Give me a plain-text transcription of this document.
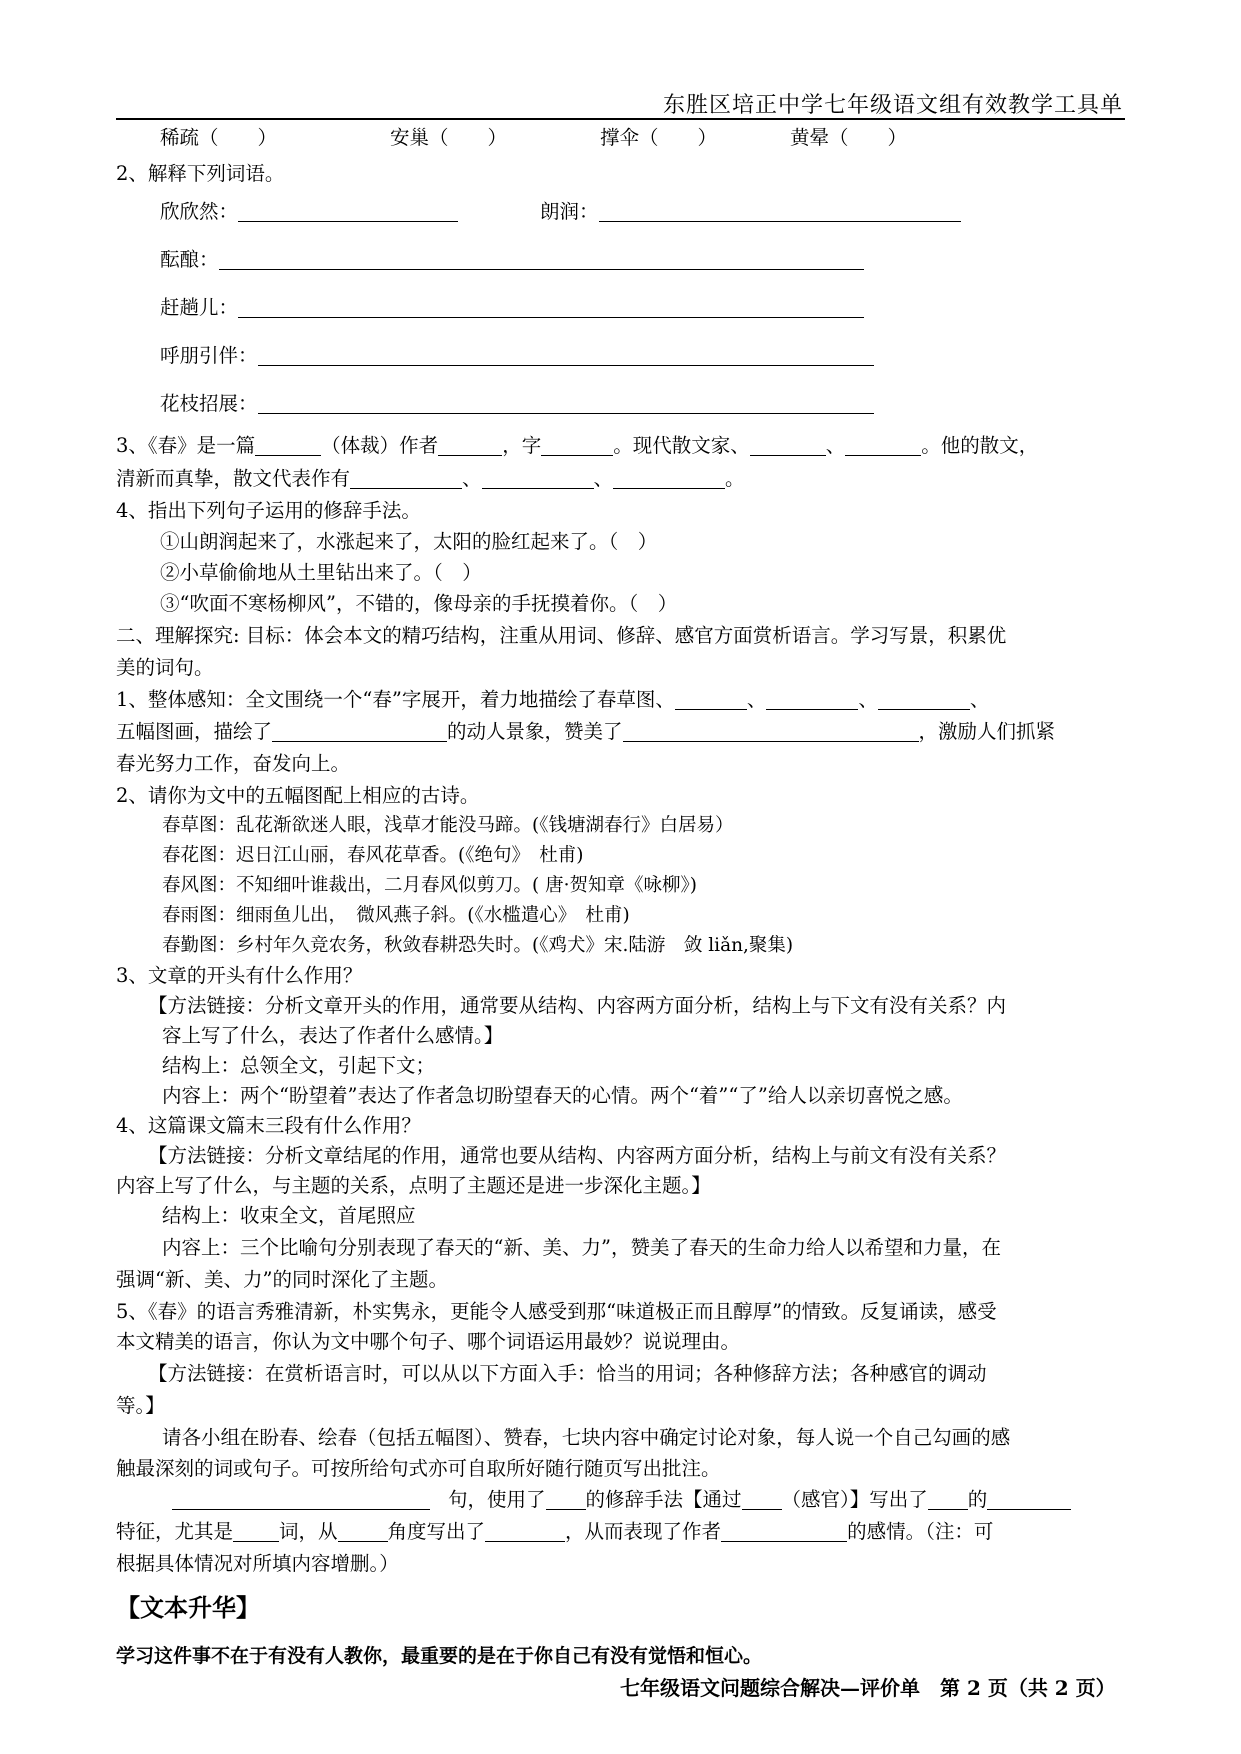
东胜区培正中学七年级语文组有效教学工具单
稀疏（　　）	安巢（　　）	撑伞（　　）	黄晕（　　）
2、解释下列词语。
欣欣然：	朗润：
酝酿：
赶趟儿：
呼朋引伴：
花枝招展：
3、《春》是一篇	（体裁）作者	，字	。现代散文家、	、	。他的散文，
清新而真挚，散文代表作有	、	、	。
4、指出下列句子运用的修辞手法。
①山朗润起来了，水涨起来了，太阳的脸红起来了。（　）
②小草偷偷地从土里钻出来了。（　）
③“吹面不寒杨柳风”，不错的，像母亲的手抚摸着你。（　）
二、理解探究: 目标：体会本文的精巧结构，注重从用词、修辞、感官方面赏析语言。学习写景，积累优
美的词句。
1、整体感知：全文围绕一个“春”字展开，着力地描绘了春草图、	、	、	、
五幅图画，描绘了	的动人景象，赞美了	，激励人们抓紧
春光努力工作，奋发向上。
2、请你为文中的五幅图配上相应的古诗。
春草图：乱花渐欲迷人眼，浅草才能没马蹄。(《钱塘湖春行》白居易）
春花图：迟日江山丽，春风花草香。(《绝句》　杜甫)
春风图：不知细叶谁裁出，二月春风似剪刀。( 唐·贺知章《咏柳》)
春雨图：细雨鱼儿出，　微风燕子斜。(《水槛遣心》　杜甫)
春勤图：乡村年久竞农务，秋敛春耕恐失时。(《鸡犬》宋.陆游　敛 liǎn,聚集)
3、文章的开头有什么作用？
【方法链接：分析文章开头的作用，通常要从结构、内容两方面分析，结构上与下文有没有关系？内
容上写了什么，表达了作者什么感情。】
结构上：总领全文，引起下文；
内容上：两个“盼望着”表达了作者急切盼望春天的心情。两个“着”“了”给人以亲切喜悦之感。
4、这篇课文篇末三段有什么作用？
【方法链接：分析文章结尾的作用，通常也要从结构、内容两方面分析，结构上与前文有没有关系？
内容上写了什么，与主题的关系，点明了主题还是进一步深化主题。】
结构上：收束全文，首尾照应
内容上：三个比喻句分别表现了春天的“新、美、力”，赞美了春天的生命力给人以希望和力量，在
强调“新、美、力”的同时深化了主题。
5、《春》的语言秀雅清新，朴实隽永，更能令人感受到那“味道极正而且醇厚”的情致。反复诵读，感受
本文精美的语言，你认为文中哪个句子、哪个词语运用最妙？说说理由。
【方法链接：在赏析语言时，可以从以下方面入手：恰当的用词；各种修辞方法；各种感官的调动
等。】
请各小组在盼春、绘春（包括五幅图）、赞春，七块内容中确定讨论对象，每人说一个自己勾画的感
触最深刻的词或句子。可按所给句式亦可自取所好随行随页写出批注。
句，使用了 的修辞手法【通过 （感官）】写出了 的
特征，尤其是 词，从	角度写出了	，从而表现了作者	的感情。（注：可
根据具体情况对所填内容增删。）
【文本升华】
学习这件事不在于有没有人教你，最重要的是在于你自己有没有觉悟和恒心。
七年级语文问题综合解决—评价单　第 2 页（共 2 页）
